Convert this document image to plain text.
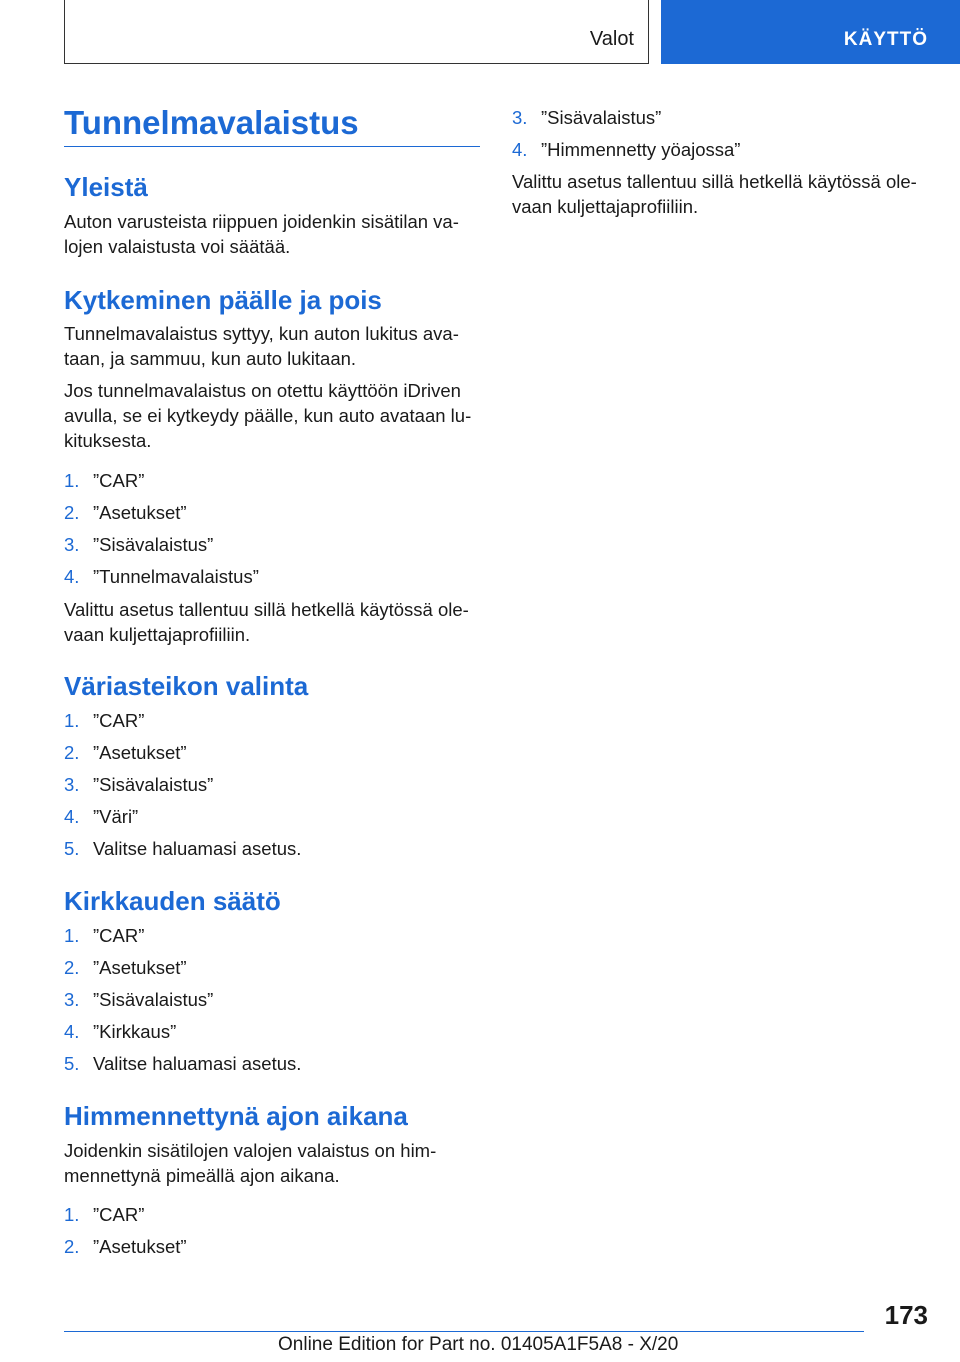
Valot	KÄYTTÖ
Tunnelmavalaistus
Yleistä

Auton varusteista riippuen joidenkin sisätilan va-lojen valaistusta voi säätää.

Kytkeminen päälle ja pois

Tunnelmavalaistus syttyy, kun auton lukitus ava-taan, ja sammuu, kun auto lukitaan.

Jos tunnelmavalaistus on otettu käyttöön iDriven avulla, se ei kytkeydy päälle, kun auto avataan lu-kituksesta.

1. ”CAR”
2. ”Asetukset”
3. ”Sisävalaistus”
4. ”Tunnelmavalaistus”

Valittu asetus tallentuu sillä hetkellä käytössä ole-vaan kuljettajaprofiiliin.

Väriasteikon valinta
1. ”CAR”
2. ”Asetukset”
3. ”Sisävalaistus”
4. ”Väri”
5. Valitse haluamasi asetus.
Kirkkauden säätö
1. ”CAR”
2. ”Asetukset”
3. ”Sisävalaistus”
4. ”Kirkkaus”
5. Valitse haluamasi asetus.
Himmennettynä ajon aikana

Joidenkin sisätilojen valojen valaistus on him-mennettynä pimeällä ajon aikana.

1. ”CAR”
2. ”Asetukset”
3. ”Sisävalaistus”
4. ”Himmennetty yöajossa”

Valittu asetus tallentuu sillä hetkellä käytössä ole-vaan kuljettajaprofiiliin.

173
Online Edition for Part no. 01405A1F5A8 - X/20
